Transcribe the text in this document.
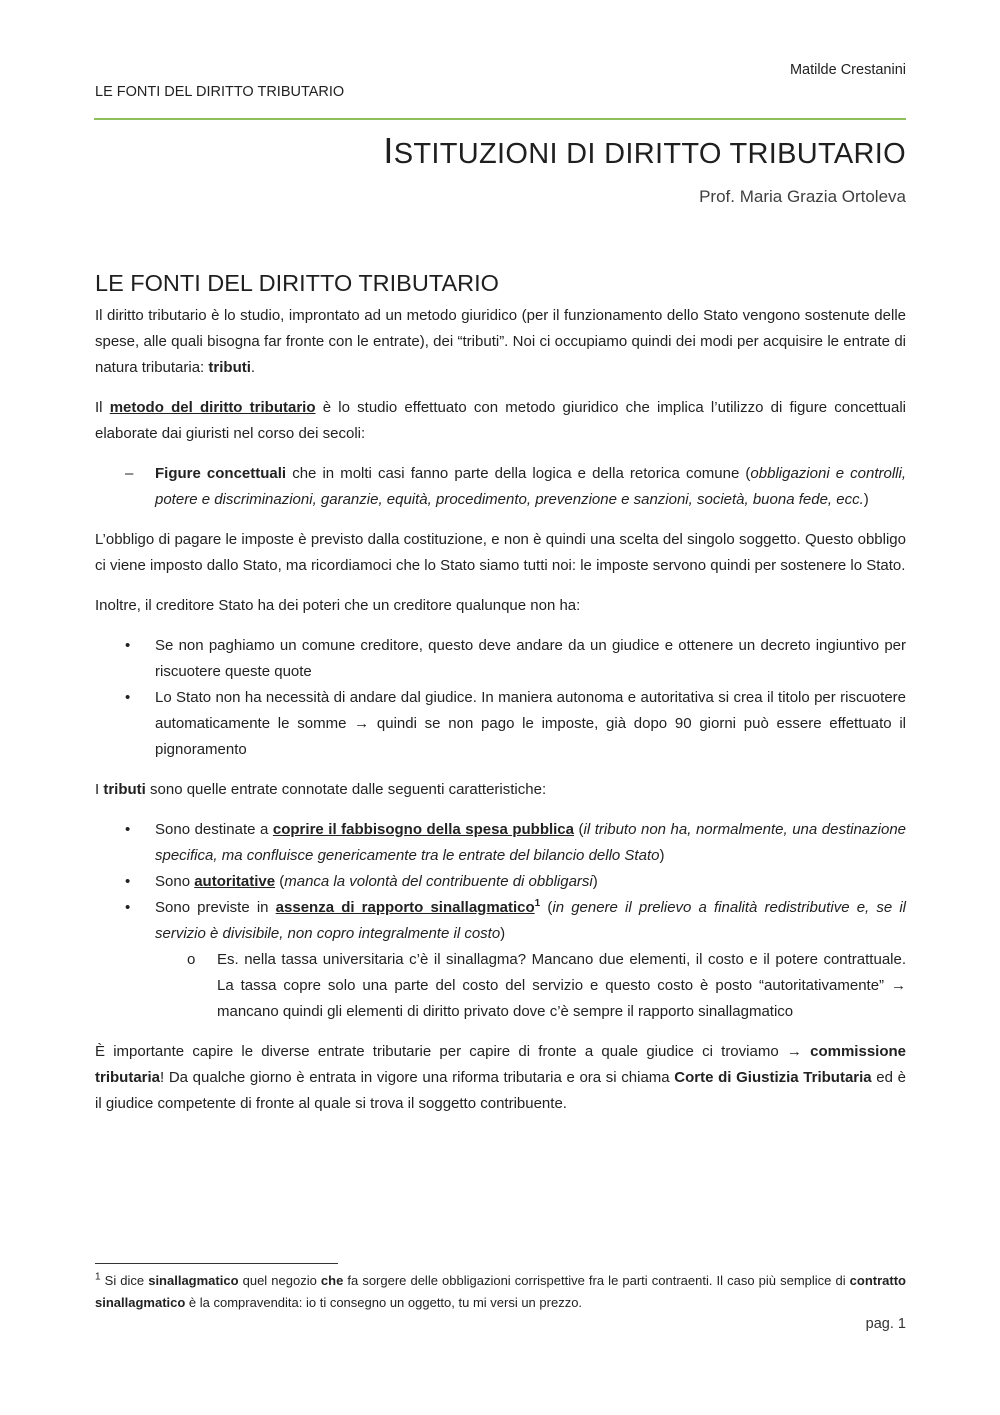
Matilde Crestanini
LE FONTI DEL DIRITTO TRIBUTARIO
ISTITUZIONI DI DIRITTO TRIBUTARIO
Prof. Maria Grazia Ortoleva
LE FONTI DEL DIRITTO TRIBUTARIO

Il diritto tributario è lo studio, improntato ad un metodo giuridico (per il funzionamento dello Stato vengono sostenute delle spese, alle quali bisogna far fronte con le entrate), dei “tributi”. Noi ci occupiamo quindi dei modi per acquisire le entrate di natura tributaria: tributi.

Il metodo del diritto tributario è lo studio effettuato con metodo giuridico che implica l’utilizzo di figure concettuali elaborate dai giuristi nel corso dei secoli:

– Figure concettuali che in molti casi fanno parte della logica e della retorica comune (obbligazioni e controlli, potere e discriminazioni, garanzie, equità, procedimento, prevenzione e sanzioni, società, buona fede, ecc.)

L’obbligo di pagare le imposte è previsto dalla costituzione, e non è quindi una scelta del singolo soggetto. Questo obbligo ci viene imposto dallo Stato, ma ricordiamoci che lo Stato siamo tutti noi: le imposte servono quindi per sostenere lo Stato.

Inoltre, il creditore Stato ha dei poteri che un creditore qualunque non ha:

• Se non paghiamo un comune creditore, questo deve andare da un giudice e ottenere un decreto ingiuntivo per riscuotere queste quote
• Lo Stato non ha necessità di andare dal giudice. In maniera autonoma e autoritativa si crea il titolo per riscuotere automaticamente le somme → quindi se non pago le imposte, già dopo 90 giorni può essere effettuato il pignoramento

I tributi sono quelle entrate connotate dalle seguenti caratteristiche:

• Sono destinate a coprire il fabbisogno della spesa pubblica (il tributo non ha, normalmente, una destinazione specifica, ma confluisce genericamente tra le entrate del bilancio dello Stato)
• Sono autoritative (manca la volontà del contribuente di obbligarsi)
• Sono previste in assenza di rapporto sinallagmatico$^1$ (in genere il prelievo a finalità redistributive e, se il servizio è divisibile, non copro integralmente il costo)
o Es. nella tassa universitaria c’è il sinallagma? Mancano due elementi, il costo e il potere contrattuale. La tassa copre solo una parte del costo del servizio e questo costo è posto “autoritativamente” → mancano quindi gli elementi di diritto privato dove c’è sempre il rapporto sinallagmatico

È importante capire le diverse entrate tributarie per capire di fronte a quale giudice ci troviamo → commissione tributaria! Da qualche giorno è entrata in vigore una riforma tributaria e ora si chiama Corte di Giustizia Tributaria ed è il giudice competente di fronte al quale si trova il soggetto contribuente.

$^1$ Si dice sinallagmatico quel negozio che fa sorgere delle obbligazioni corrispettive fra le parti contraenti. Il caso più semplice di contratto sinallagmatico è la compravendita: io ti consegno un oggetto, tu mi versi un prezzo.
pag. 1
